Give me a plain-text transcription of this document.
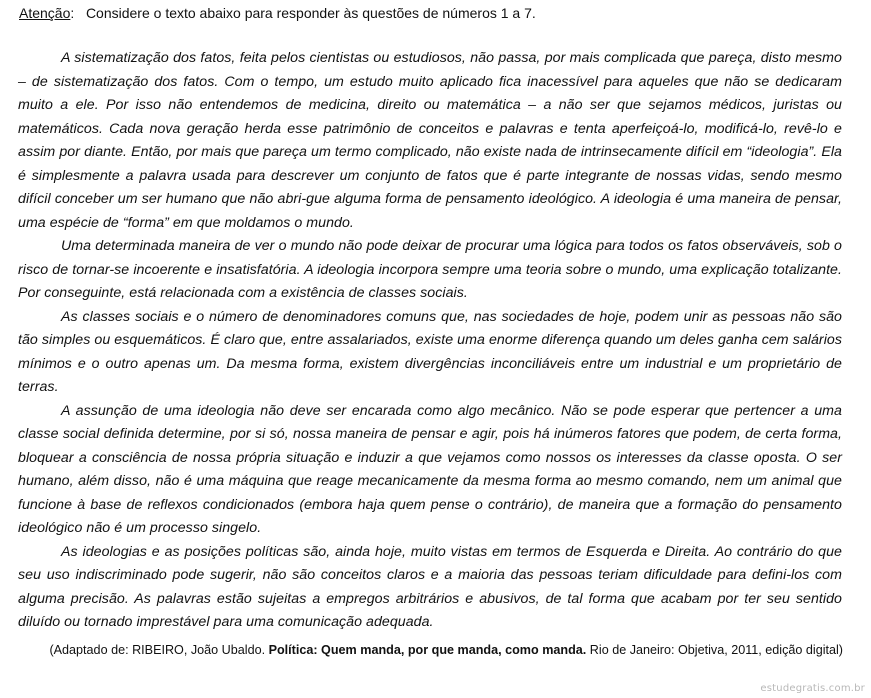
Atenção:   Considere o texto abaixo para responder às questões de números 1 a 7.

A sistematização dos fatos, feita pelos cientistas ou estudiosos, não passa, por mais complicada que pareça, disto mesmo – de sistematização dos fatos. Com o tempo, um estudo muito aplicado fica inacessível para aqueles que não se dedicaram muito a ele. Por isso não entendemos de medicina, direito ou matemática – a não ser que sejamos médicos, juristas ou matemáticos. Cada nova geração herda esse patrimônio de conceitos e palavras e tenta aperfeiçoá-lo, modificá-lo, revê-lo e assim por diante. Então, por mais que pareça um termo complicado, não existe nada de intrinsecamente difícil em “ideologia”. Ela é simplesmente a palavra usada para descrever um conjunto de fatos que é parte integrante de nossas vidas, sendo mesmo difícil conceber um ser humano que não abri-gue alguma forma de pensamento ideológico. A ideologia é uma maneira de pensar, uma espécie de “forma” em que moldamos o mundo.

Uma determinada maneira de ver o mundo não pode deixar de procurar uma lógica para todos os fatos observáveis, sob o risco de tornar-se incoerente e insatisfatória. A ideologia incorpora sempre uma teoria sobre o mundo, uma explicação totalizante. Por conseguinte, está relacionada com a existência de classes sociais.

As classes sociais e o número de denominadores comuns que, nas sociedades de hoje, podem unir as pessoas não são tão simples ou esquemáticos. É claro que, entre assalariados, existe uma enorme diferença quando um deles ganha cem salários mínimos e o outro apenas um. Da mesma forma, existem divergências inconciliáveis entre um industrial e um proprietário de terras.

A assunção de uma ideologia não deve ser encarada como algo mecânico. Não se pode esperar que pertencer a uma classe social definida determine, por si só, nossa maneira de pensar e agir, pois há inúmeros fatores que podem, de certa forma, bloquear a consciência de nossa própria situação e induzir a que vejamos como nossos os interesses da classe oposta. O ser humano, além disso, não é uma máquina que reage mecanicamente da mesma forma ao mesmo comando, nem um animal que funcione à base de reflexos condicionados (embora haja quem pense o contrário), de maneira que a formação do pensamento ideológico não é um processo singelo.

As ideologias e as posições políticas são, ainda hoje, muito vistas em termos de Esquerda e Direita. Ao contrário do que seu uso indiscriminado pode sugerir, não são conceitos claros e a maioria das pessoas teriam dificuldade para defini-los com alguma precisão. As palavras estão sujeitas a empregos arbitrários e abusivos, de tal forma que acabam por ter seu sentido diluído ou tornado imprestável para uma comunicação adequada.

(Adaptado de: RIBEIRO, João Ubaldo. Política: Quem manda, por que manda, como manda. Rio de Janeiro: Objetiva, 2011, edição digital)
estudegratis.com.br
